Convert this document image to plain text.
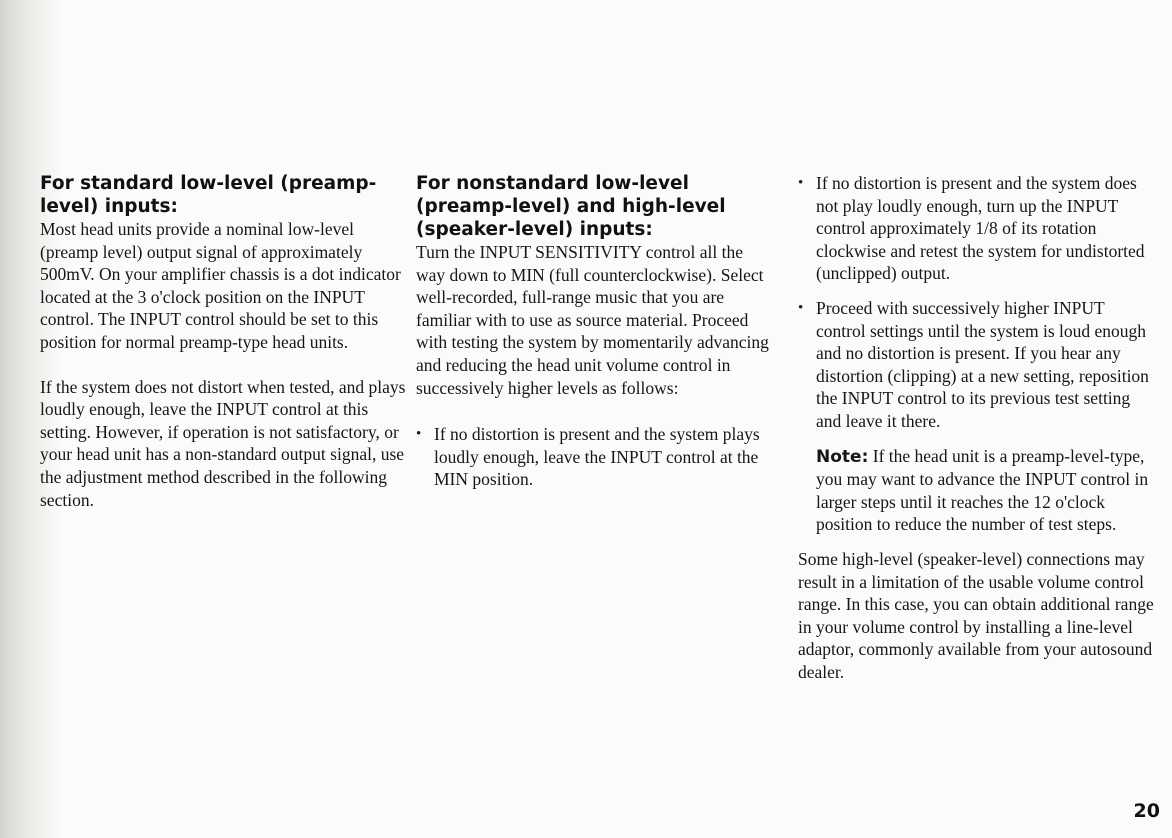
For standard low-level (preamp-
level) inputs:

Most head units provide a nominal low-level (preamp level) output signal of approximately 500mV. On your amplifier chassis is a dot indicator located at the 3 o'clock position on the INPUT control. The INPUT control should be set to this position for normal preamp-type head units.

If the system does not distort when tested, and plays loudly enough, leave the INPUT control at this setting. However, if operation is not satisfactory, or your head unit has a non-standard output signal, use the adjustment method described in the following section.

For nonstandard low-level
(preamp-level) and high-level
(speaker-level) inputs:

Turn the INPUT SENSITIVITY control all the way down to MIN (full counterclockwise). Select well-recorded, full-range music that you are familiar with to use as source material. Proceed with testing the system by momentarily advancing and reducing the head unit volume control in successively higher levels as follows:

• If no distortion is present and the system plays loudly enough, leave the INPUT control at the MIN position.
• If no distortion is present and the system does not play loudly enough, turn up the INPUT control approximately 1/8 of its rotation clockwise and retest the system for undistorted (unclipped) output.
• Proceed with successively higher INPUT control settings until the system is loud enough and no distortion is present. If you hear any distortion (clipping) at a new setting, reposition the INPUT control to its previous test setting and leave it there.

Note: If the head unit is a preamp-level-type, you may want to advance the INPUT control in larger steps until it reaches the 12 o'clock position to reduce the number of test steps.

Some high-level (speaker-level) connections may result in a limitation of the usable volume control range. In this case, you can obtain additional range in your volume control by installing a line-level adaptor, commonly available from your autosound dealer.

20
